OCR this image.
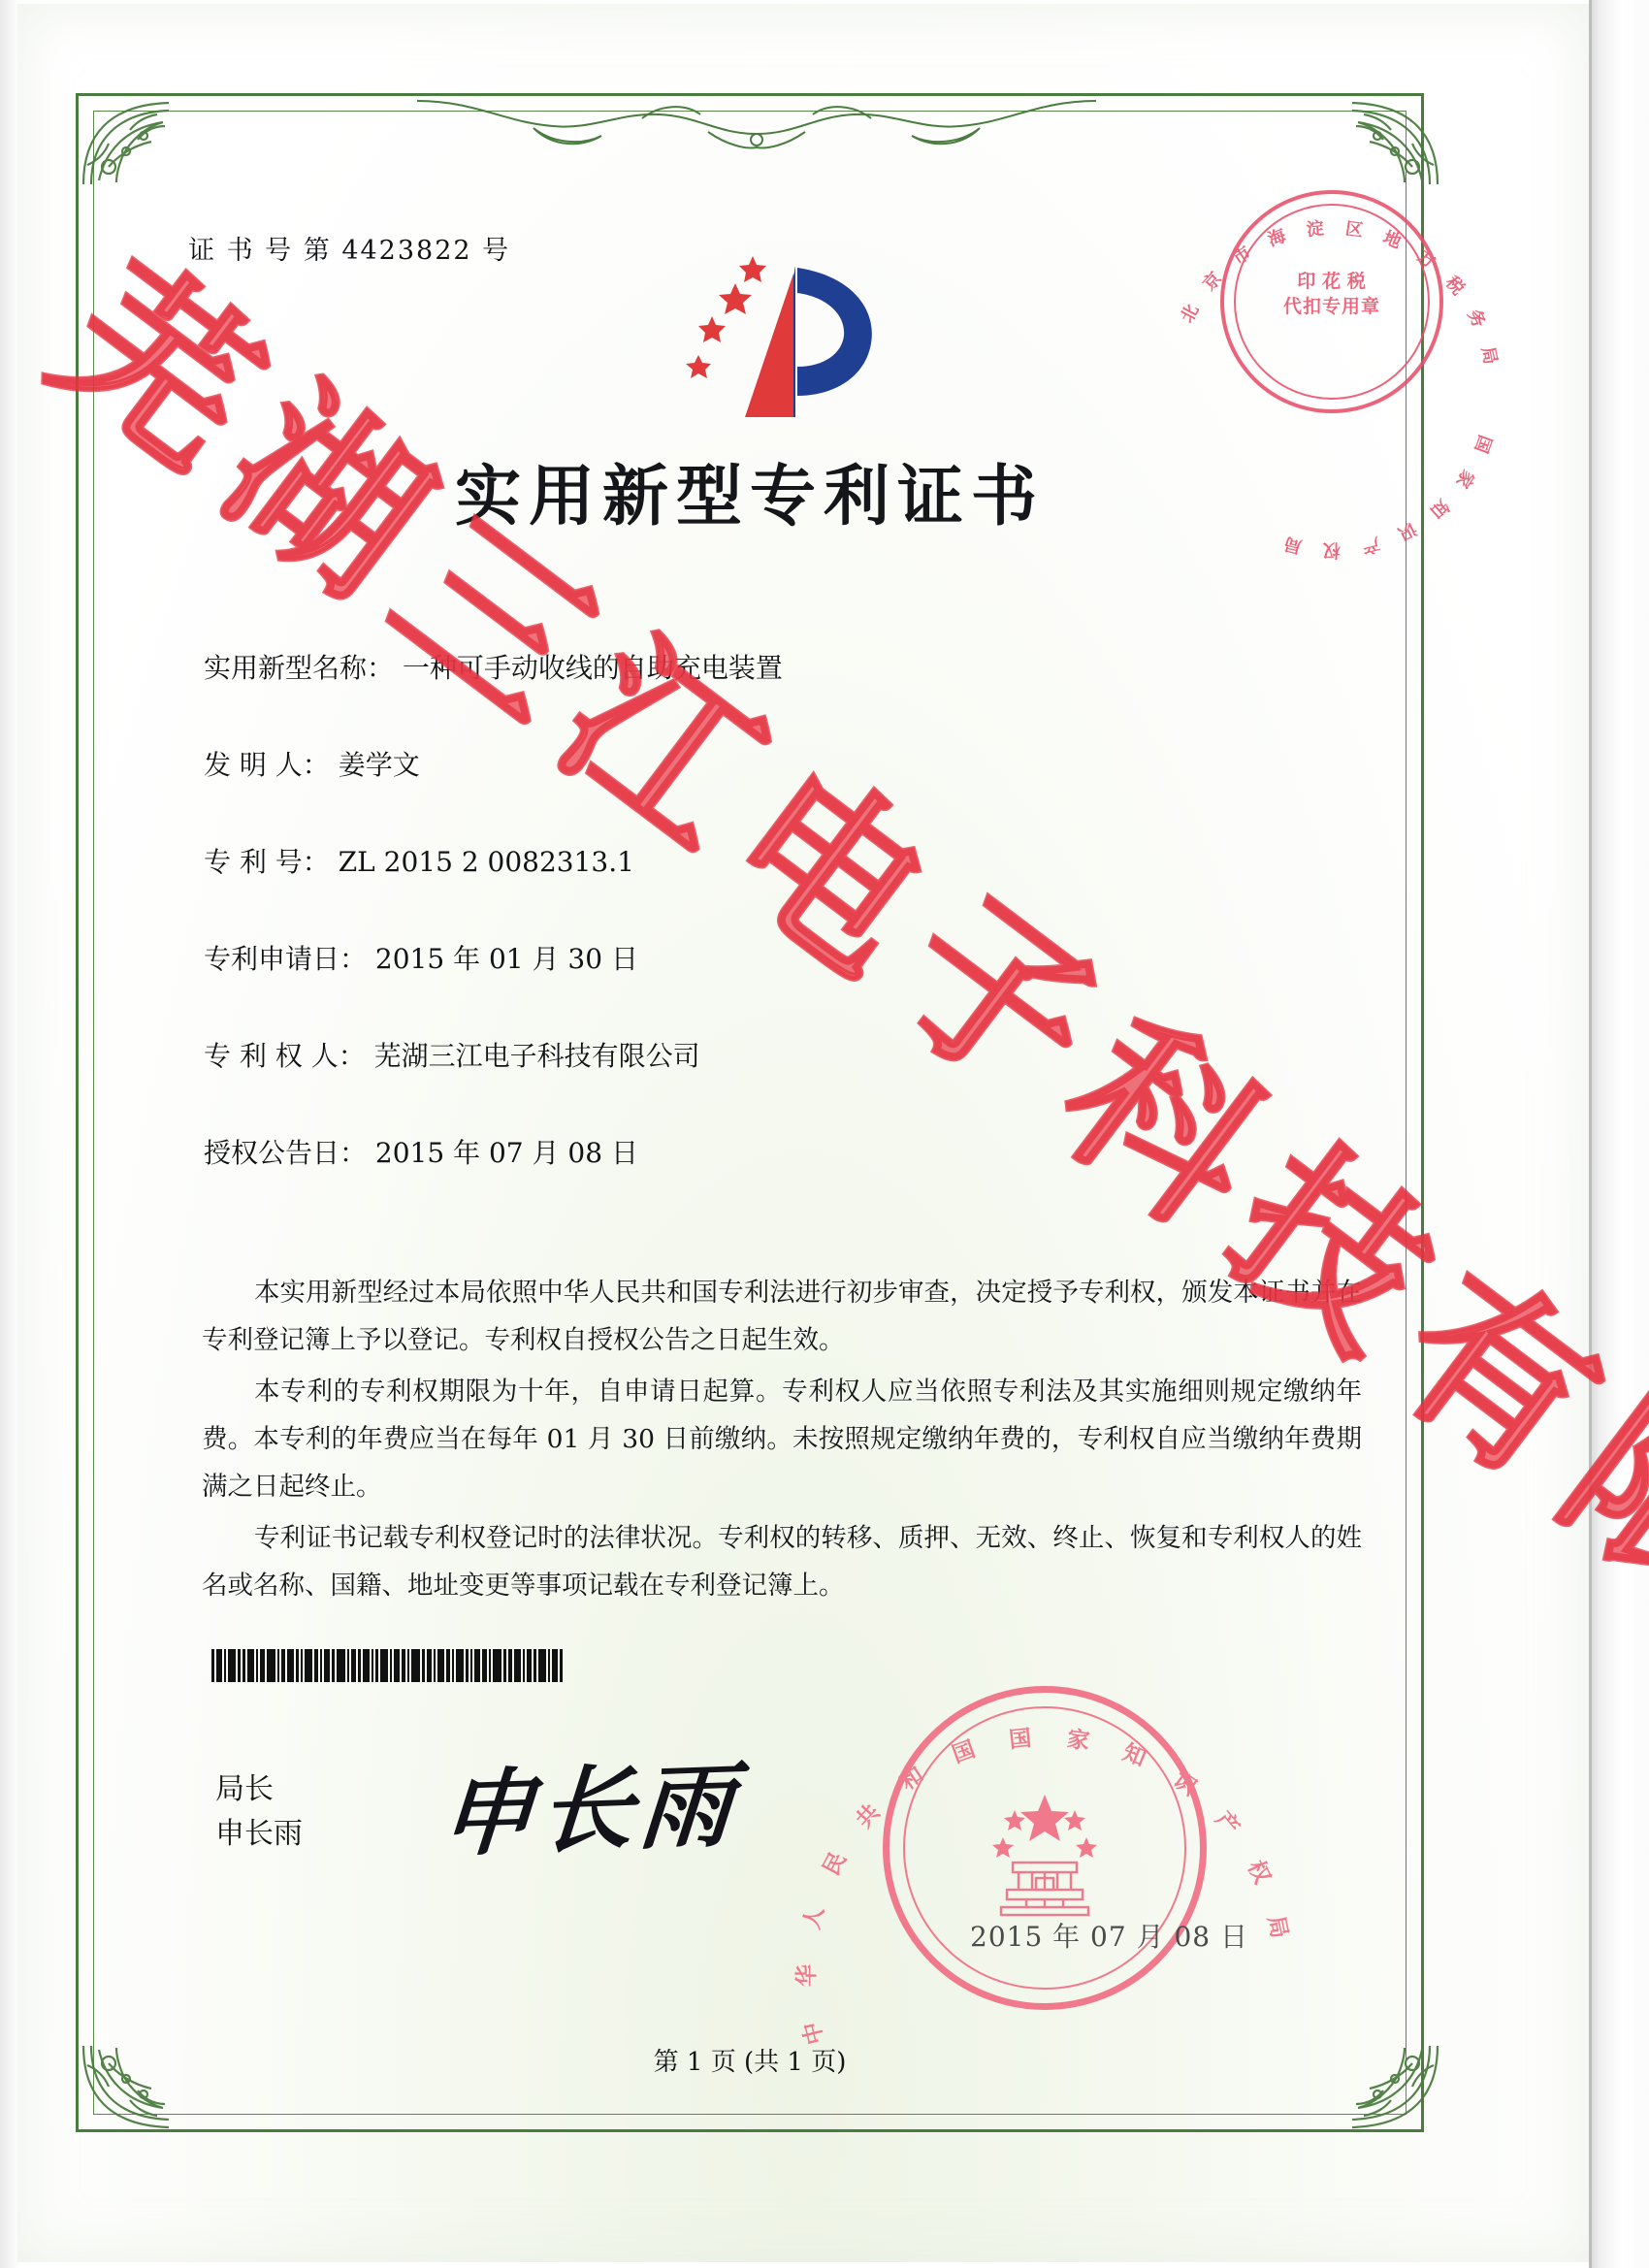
证 书 号 第 4423822 号
北
京
市
海 淀 区 地
方
税
务
局
国
家
知
识
产
权
局
印 花 税
代扣专用章
实用新型专利证书
实用新型名称： 一种可手动收线的自助充电装置
发 明 人： 姜学文
专 利 号： ZL 2015 2 0082313.1
专利申请日： 2015 年 01 月 30 日
专 利 权 人： 芜湖三江电子科技有限公司
授权公告日： 2015 年 07 月 08 日

本实用新型经过本局依照中华人民共和国专利法进行初步审查，决定授予专利权，颁发本证书并在专利登记簿上予以登记。专利权自授权公告之日起生效。

本专利的专利权期限为十年，自申请日起算。专利权人应当依照专利法及其实施细则规定缴纳年费。本专利的年费应当在每年 01 月 30 日前缴纳。未按照规定缴纳年费的，专利权自应当缴纳年费期满之日起终止。

专利证书记载专利权登记时的法律状况。专利权的转移、质押、无效、终止、恢复和专利权人的姓名或名称、国籍、地址变更等事项记载在专利登记簿上。

局长
申长雨 申长雨
中
华
人
民
共
和
国 国 家 知
识
产
权
局
2015 年 07 月 08 日
第 1 页 (共 1 页)
